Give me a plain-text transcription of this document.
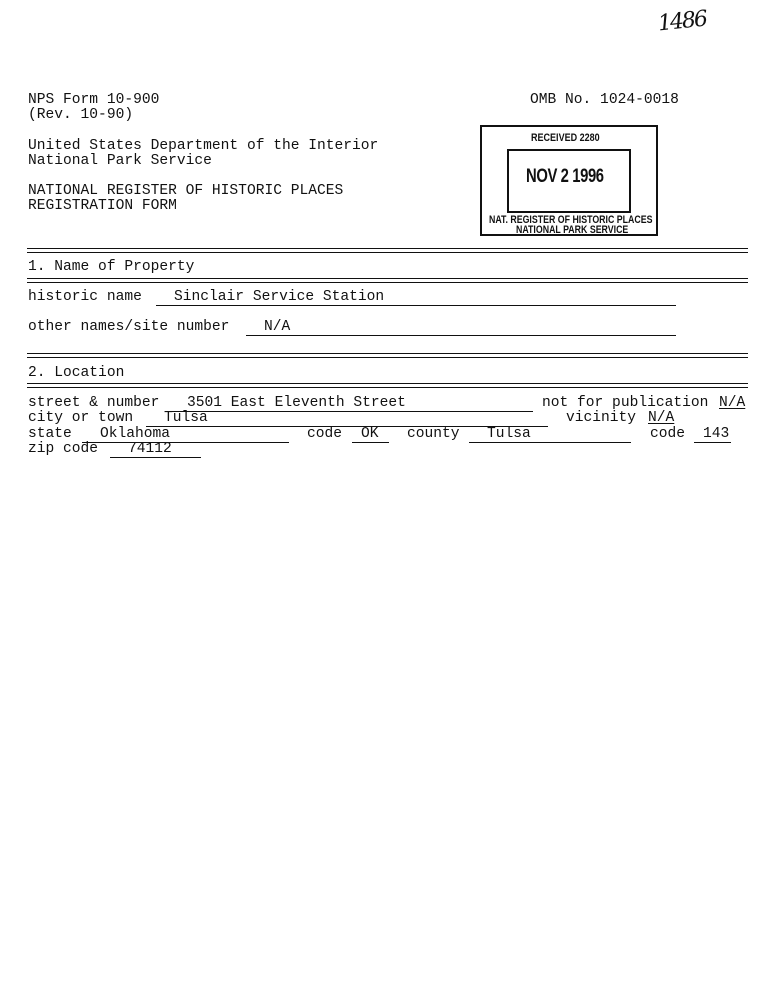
1486
NPS Form 10-900
(Rev. 10-90)
United States Department of the Interior
National Park Service
NATIONAL REGISTER OF HISTORIC PLACES
REGISTRATION FORM
OMB No. 1024-0018
RECEIVED 2280
NOV 2 1996
NAT. REGISTER OF HISTORIC PLACES
NATIONAL PARK SERVICE
1. Name of Property
historic name Sinclair Service Station
other names/site number N/A
2. Location
street & number 3501 East Eleventh Street	not for publication N/A
city or town Tulsa	vicinity N/A
state Oklahoma	code OK county Tulsa	code 143
zip code 74112
